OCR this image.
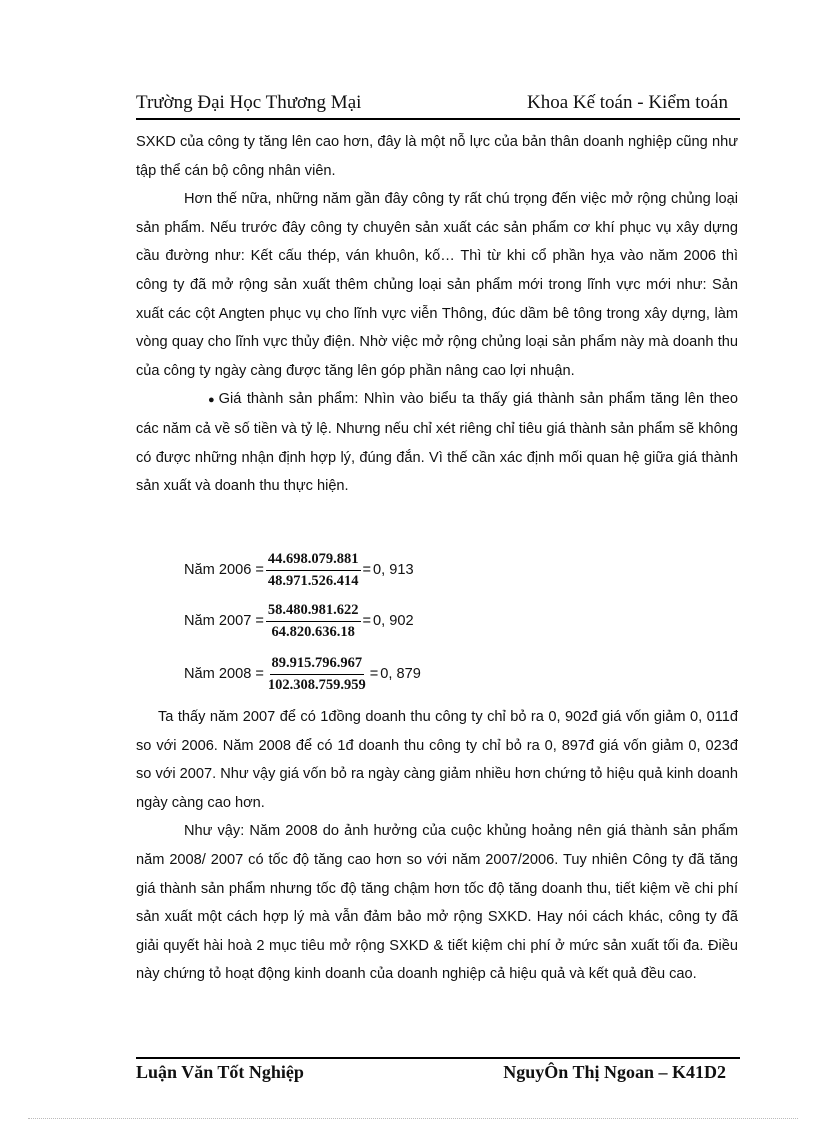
Trường Đại Học Thương Mại	Khoa Kế toán - Kiểm toán

SXKD của công ty tăng lên cao hơn, đây là một nỗ lực của bản thân doanh nghiệp cũng như tập thể cán bộ công nhân viên.

Hơn thế nữa, những năm gần đây công ty rất chú trọng đến việc mở rộng chủng loại sản phẩm. Nếu trước đây công ty chuyên sản xuất các sản phẩm cơ khí phục vụ xây dựng cầu đường như: Kết cấu thép, ván khuôn, kố… Thì từ khi cổ phần hỵa vào năm 2006 thì công ty đã mở rộng sản xuất thêm chủng loại sản phẩm mới trong lĩnh vực mới như: Sản xuất các cột Angten phục vụ cho lĩnh vực viễn Thông, đúc dầm bê tông trong xây dựng, làm vòng quay cho lĩnh vực thủy điện. Nhờ việc mở rộng chủng loại sản phẩm này mà doanh thu của công ty ngày càng được tăng lên góp phần nâng cao lợi nhuận.

● Giá thành sản phẩm: Nhìn vào biểu ta thấy giá thành sản phẩm tăng lên theo các năm cả về số tiền và tỷ lệ. Nhưng nếu chỉ xét riêng chỉ tiêu giá thành sản phẩm sẽ không có được những nhận định hợp lý, đúng đắn. Vì thế cần xác định mối quan hệ giữa giá thành sản xuất và doanh thu thực hiện.

Năm $2006 = \frac{44.698.079.881}{48.971.526.414} = 0$, 913
Năm $2007 = \frac{58.480.981.622}{64.820.636.18} = 0$, 902
Năm $2008 = \frac{89.915.796.967}{102.308.759.959} = 0$, 879

Ta thấy năm 2007 để có 1đồng doanh thu công ty chỉ bỏ ra 0, 902đ giá vốn giảm 0, 011đ so với 2006. Năm 2008 để có 1đ doanh thu công ty chỉ bỏ ra 0, 897đ giá vốn giảm 0, 023đ so với 2007. Như vậy giá vốn bỏ ra ngày càng giảm nhiều hơn chứng tỏ hiệu quả kinh doanh ngày càng cao hơn.

Như vậy: Năm 2008 do ảnh hưởng của cuộc khủng hoảng nên giá thành sản phẩm năm 2008/ 2007 có tốc độ tăng cao hơn so với năm 2007/2006. Tuy nhiên Công ty đã tăng giá thành sản phẩm nhưng tốc độ tăng chậm hơn tốc độ tăng doanh thu, tiết kiệm về chi phí sản xuất một cách hợp lý mà vẫn đảm bảo mở rộng SXKD. Hay nói cách khác, công ty đã giải quyết hài hoà 2 mục tiêu mở rộng SXKD & tiết kiệm chi phí ở mức sản xuất tối đa. Điều này chứng tỏ hoạt động kinh doanh của doanh nghiệp cả hiệu quả và kết quả đều cao.

Luận Văn Tốt Nghiệp	NguyÔn Thị Ngoan – K41D2
